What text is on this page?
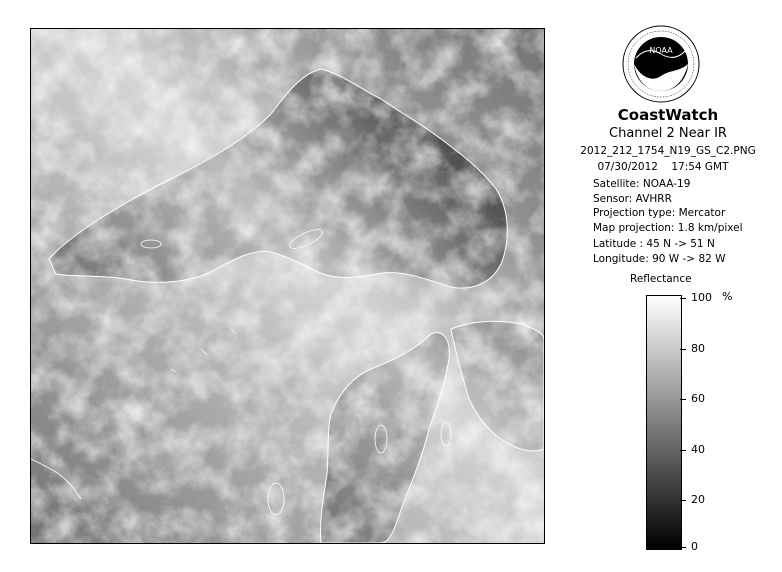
NOAA
CoastWatch
Channel 2 Near IR
2012_212_1754_N19_GS_C2.PNG
07/30/2012 17:54 GMT
Satellite: NOAA-19
Sensor: AVHRR
Projection type: Mercator
Map projection: 1.8 km/pixel
Latitude : 45 N -> 51 N
Longitude: 90 W -> 82 W
Reflectance
%
100
80
60
40
20
0
